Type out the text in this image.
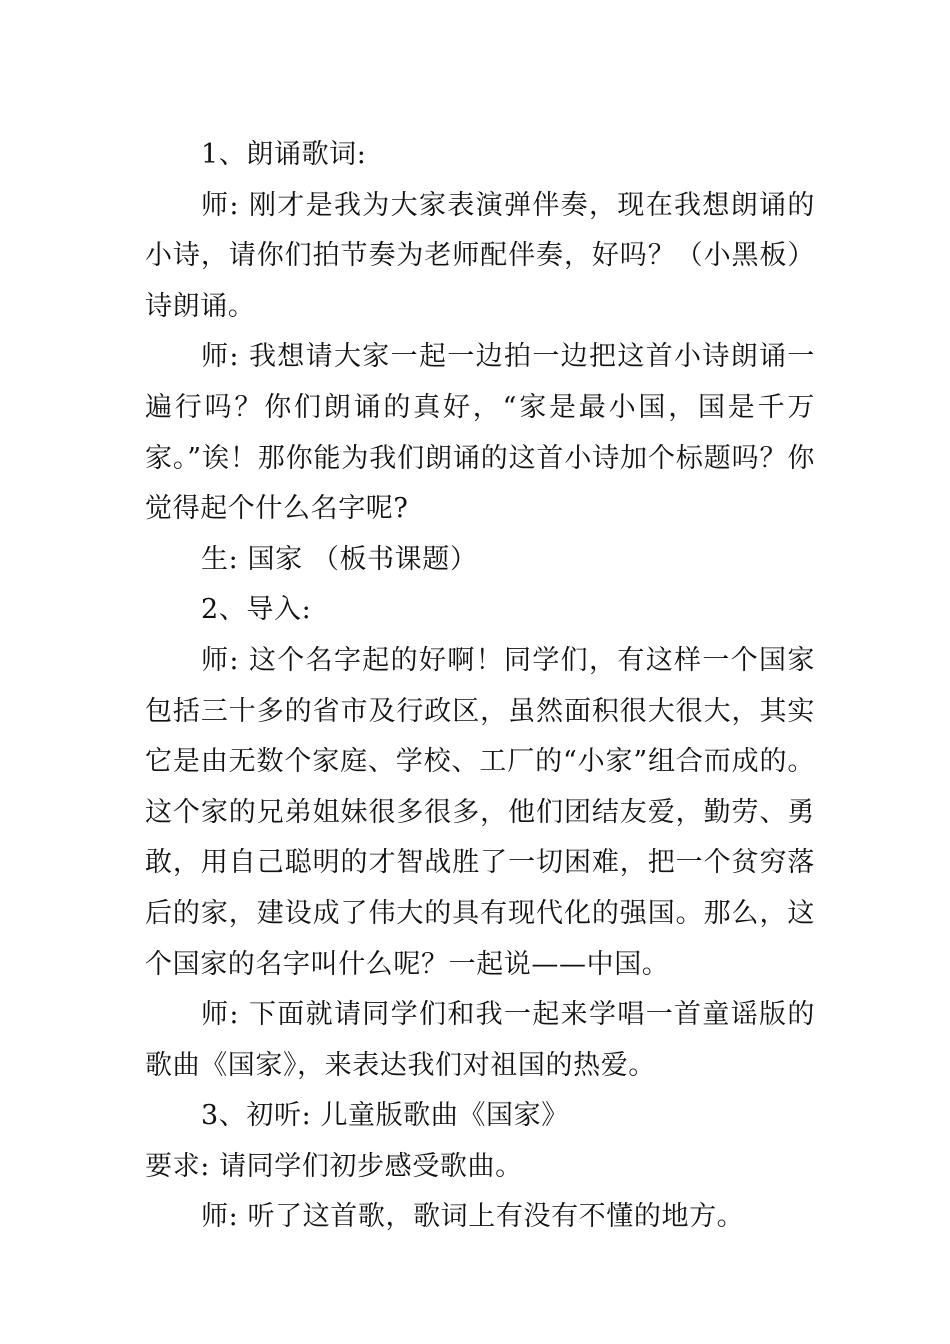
1、朗诵歌词:

师: 刚才是我为大家表演弹伴奏，现在我想朗诵的小诗，请你们拍节奏为老师配伴奏，好吗？（小黑板）诗朗诵。

师: 我想请大家一起一边拍一边把这首小诗朗诵一遍行吗？你们朗诵的真好，“家是最小国，国是千万家。”诶！那你能为我们朗诵的这首小诗加个标题吗？你觉得起个什么名字呢?

生: 国家 （板书课题）

2、导入:

师: 这个名字起的好啊！同学们，有这样一个国家包括三十多的省市及行政区，虽然面积很大很大，其实它是由无数个家庭、学校、工厂的“小家”组合而成的。这个家的兄弟姐妹很多很多，他们团结友爱，勤劳、勇敢，用自己聪明的才智战胜了一切困难，把一个贫穷落后的家，建设成了伟大的具有现代化的强国。那么，这个国家的名字叫什么呢？一起说——中国。

师: 下面就请同学们和我一起来学唱一首童谣版的歌曲《国家》，来表达我们对祖国的热爱。

3、初听: 儿童版歌曲《国家》

要求: 请同学们初步感受歌曲。

师: 听了这首歌，歌词上有没有不懂的地方。
